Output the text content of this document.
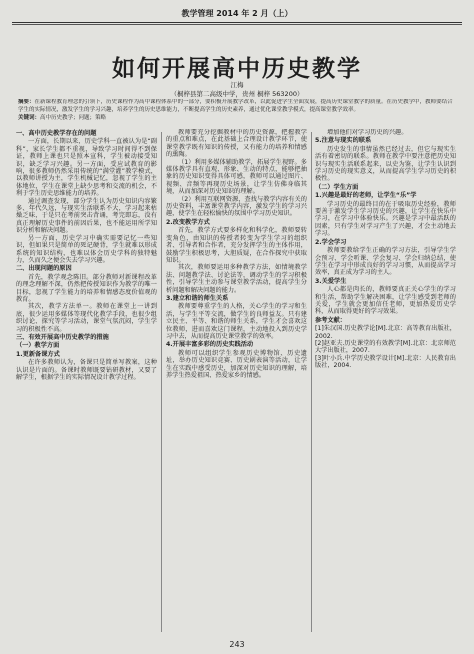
教学管理 2014 年 2 月（上）
如何开展高中历史教学
江梅
（桐梓县第二高级中学，贵州 桐梓 563200）
摘要：在新课程教育理念的引领下，历史课程作为高中课程体系中的一部分，要积极开展教学改革，以此促进学生全面发展，提高历史课堂教学的质量。在历史教学中，教师要结合学生的实际情况，激发学生的学习兴趣，培养学生的历史思维能力，不断提高学生的历史素养，通过优化课堂教学模式，提高课堂教学效率。
关键词：高中历史教学；问题；策略
一、高中历史教学存在的问题

一方面，长期以来，历史学科一直被认为是“副科”，家长学生都不重视，导致学习时间得不到保证，教师上课也只是照本宣科，学生被动接受知识，缺乏学习兴趣。另一方面，受应试教育的影响，很多教师仍然采用传统的“满堂灌”教学模式，以教师讲授为主，学生机械记忆，忽视了学生的主体地位，学生在课堂上缺少思考和交流的机会，不利于学生历史思维能力的培养。

通过调查发现，部分学生认为历史知识内容繁多、年代久远，与现实生活联系不大，学习起来枯燥乏味，于是只在考前突击背诵，考完即忘，没有真正理解历史事件的前因后果，也不能运用所学知识分析和解决问题。

另一方面，历史学习中确实需要记忆一些知识，但如果只是简单的死记硬背，学生就难以形成系统的知识结构，也难以体会历史学科的独特魅力，久而久之便会失去学习兴趣。

二、出现问题的原因

首先，教学观念陈旧。部分教师对新课程改革的理念理解不深，仍然把传授知识作为教学的唯一目标，忽视了学生能力的培养和情感态度价值观的教育。

其次，教学方法单一。教师在课堂上一讲到底，很少运用多媒体等现代化教学手段，也很少组织讨论、探究等学习活动，课堂气氛沉闷，学生学习的积极性不高。

三、有效开展高中历史教学的措施
（一）教学方面
1.更新备课方式

在许多教师认为，备课只是简单写教案，这种认识是片面的。备课时教师既要钻研教材，又要了解学生，根据学生的实际情况设计教学过程。

教师要充分挖掘教材中的历史资源，把握教学的重点和难点，在此基础上合理设计教学环节，使课堂教学既有知识的传授，又有能力的培养和情感的熏陶。

（1）利用多媒体辅助教学，拓展学生视野。多媒体教学具有直观、形象、生动的特点，能够把抽象的历史知识变得具体可感，教师可以通过图片、视频、音频等再现历史场景，让学生仿佛身临其境，从而加深对历史知识的理解。

（2）利用互联网资源，查找与教学内容有关的历史资料，丰富课堂教学内容，激发学生的学习兴趣，使学生在轻松愉快的氛围中学习历史知识。

2.改变教学方式

首先，教学方式要多样化和科学化，教师要转变角色，由知识的传授者转变为学生学习的组织者、引导者和合作者，充分发挥学生的主体作用，鼓励学生积极思考，大胆质疑，在合作探究中获取知识。

其次，教师要运用多种教学方法，如情境教学法、问题教学法、讨论法等，调动学生的学习积极性，引导学生主动参与课堂教学活动，提高学生分析问题和解决问题的能力。

3.建立和谐的师生关系

教师要尊重学生的人格，关心学生的学习和生活，与学生平等交流，做学生的良师益友。只有建立民主、平等、和谐的师生关系，学生才会喜欢这位教师，进而喜欢这门课程，主动地投入到历史学习中去，从而提高历史课堂教学的效率。

4.开展丰富多彩的历史实践活动

教师可以组织学生参观历史博物馆、历史遗址，举办历史知识竞赛、历史剧表演等活动，让学生在实践中感受历史，加深对历史知识的理解，培养学生热爱祖国、热爱家乡的情感。

增加他们对学习历史的兴趣。

5.注意与现实的联系

历史发生的事情虽然已经过去，但它与现实生活有着密切的联系。教师在教学中要注意把历史知识与现实生活联系起来，以史为鉴，让学生认识到学习历史的现实意义，从而提高学生学习历史的积极性。

（二）学生方面
1.兴趣是最好的老师，让学生“乐”学

学习历史的最终目的在于吸取历史经验，教师要善于激发学生学习历史的兴趣，让学生在快乐中学习，在学习中体验快乐。兴趣是学习中最活跃的因素，只有学生对学习产生了兴趣，才会主动地去学习。

2.学会学习

教师要教给学生正确的学习方法，引导学生学会预习、学会听课、学会复习、学会归纳总结，使学生在学习中形成良好的学习习惯，从而提高学习效率，真正成为学习的主人。

3.关爱学生

人心都是肉长的，教师要真正关心学生的学习和生活，帮助学生解决困难，让学生感受到老师的关爱，学生就会更加信任老师，更加热爱历史学科，从而取得更好的学习效果。

参考文献：

[1]朱汉国.历史教学论[M].北京：高等教育出版社，2002.

[2]赵亚夫.历史课堂的有效教学[M].北京：北京师范大学出版社，2007.

[3]叶小兵.中学历史教学设计[M].北京：人民教育出版社，2004.

243
